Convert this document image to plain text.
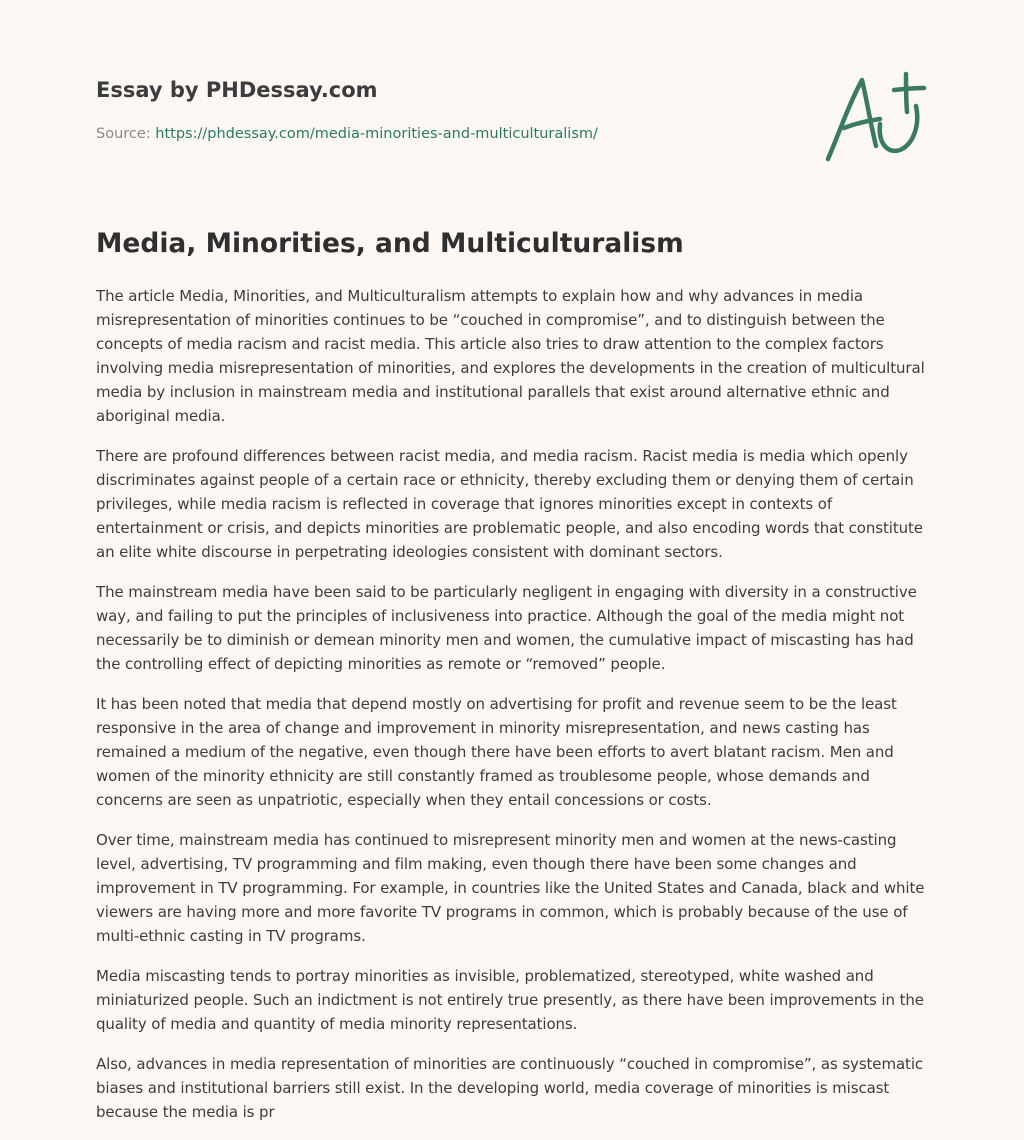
Essay by PHDessay.com
Source: https://phdessay.com/media-minorities-and-multiculturalism/
Media, Minorities, and Multiculturalism

The article Media, Minorities, and Multiculturalism attempts to explain how and why advances in media misrepresentation of minorities continues to be “couched in compromise”, and to distinguish between the concepts of media racism and racist media. This article also tries to draw attention to the complex factors involving media misrepresentation of minorities, and explores the developments in the creation of multicultural media by inclusion in mainstream media and institutional parallels that exist around alternative ethnic and aboriginal media.

There are profound differences between racist media, and media racism. Racist media is media which openly discriminates against people of a certain race or ethnicity, thereby excluding them or denying them of certain privileges, while media racism is reflected in coverage that ignores minorities except in contexts of entertainment or crisis, and depicts minorities are problematic people, and also encoding words that constitute an elite white discourse in perpetrating ideologies consistent with dominant sectors.

The mainstream media have been said to be particularly negligent in engaging with diversity in a constructive way, and failing to put the principles of inclusiveness into practice. Although the goal of the media might not necessarily be to diminish or demean minority men and women, the cumulative impact of miscasting has had the controlling effect of depicting minorities as remote or “removed” people.

It has been noted that media that depend mostly on advertising for profit and revenue seem to be the least responsive in the area of change and improvement in minority misrepresentation, and news casting has remained a medium of the negative, even though there have been efforts to avert blatant racism. Men and women of the minority ethnicity are still constantly framed as troublesome people, whose demands and concerns are seen as unpatriotic, especially when they entail concessions or costs.

Over time, mainstream media has continued to misrepresent minority men and women at the news-casting level, advertising, TV programming and film making, even though there have been some changes and improvement in TV programming. For example, in countries like the United States and Canada, black and white viewers are having more and more favorite TV programs in common, which is probably because of the use of multi-ethnic casting in TV programs.

Media miscasting tends to portray minorities as invisible, problematized, stereotyped, white washed and miniaturized people. Such an indictment is not entirely true presently, as there have been improvements in the quality of media and quantity of media minority representations.

Also, advances in media representation of minorities are continuously “couched in compromise”, as systematic biases and institutional barriers still exist. In the developing world, media coverage of minorities is miscast because the media is pr
